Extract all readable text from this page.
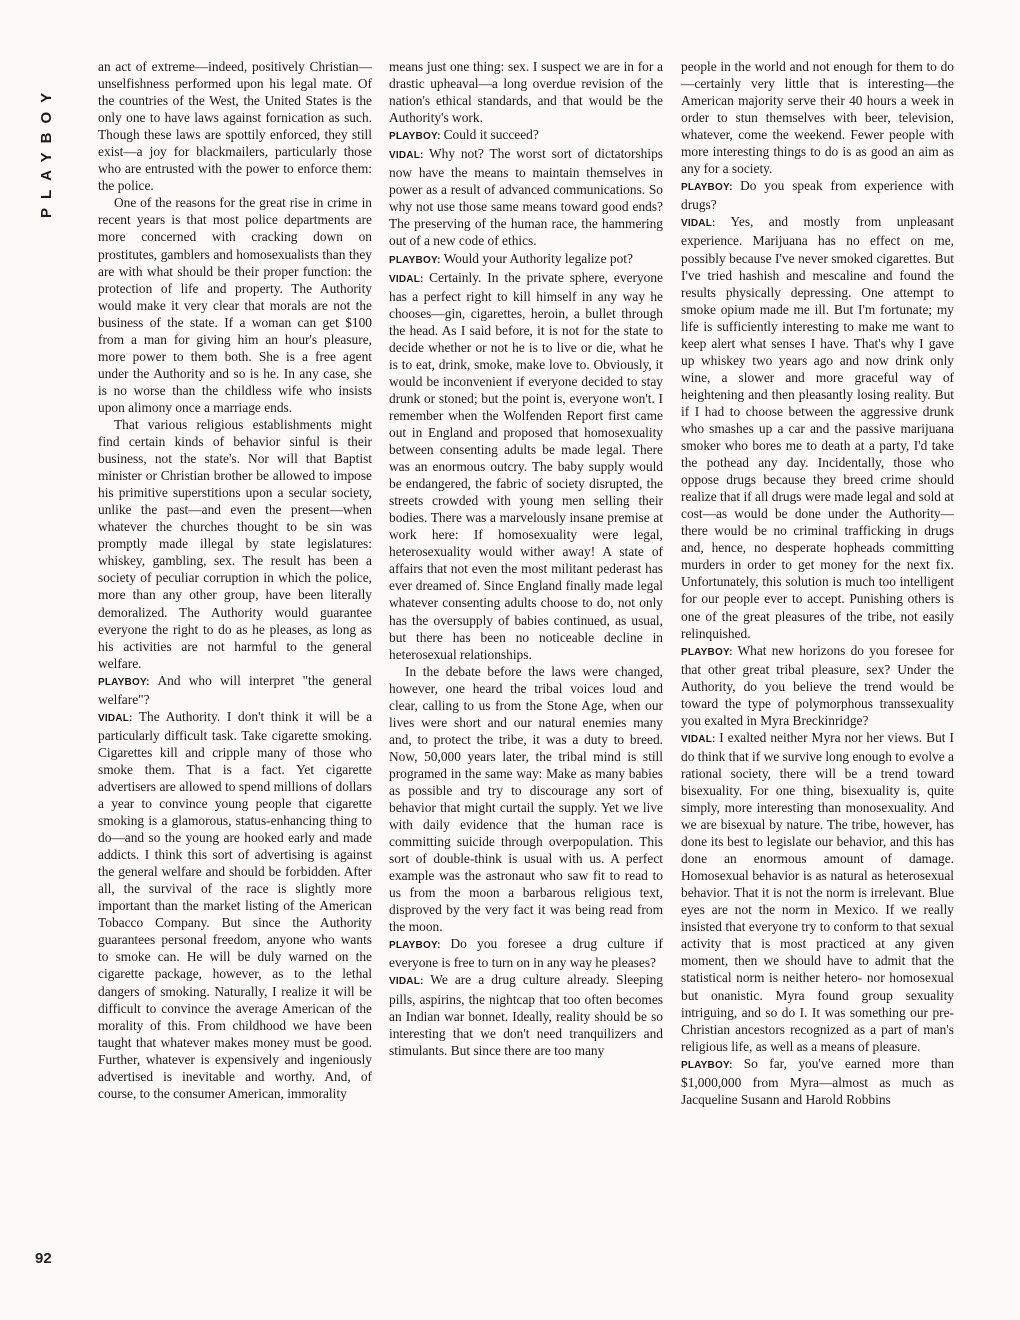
PLAYBOY

an act of extreme—indeed, positively Christian—unselfishness performed upon his legal mate. Of the countries of the West, the United States is the only one to have laws against fornication as such. Though these laws are spottily enforced, they still exist—a joy for blackmailers, particularly those who are entrusted with the power to enforce them: the police.

One of the reasons for the great rise in crime in recent years is that most police departments are more concerned with cracking down on prostitutes, gamblers and homosexualists than they are with what should be their proper function: the protection of life and property. The Authority would make it very clear that morals are not the business of the state. If a woman can get $100 from a man for giving him an hour's pleasure, more power to them both. She is a free agent under the Authority and so is he. In any case, she is no worse than the childless wife who insists upon alimony once a marriage ends.

That various religious establishments might find certain kinds of behavior sinful is their business, not the state's. Nor will that Baptist minister or Christian brother be allowed to impose his primitive superstitions upon a secular society, unlike the past—and even the present—when whatever the churches thought to be sin was promptly made illegal by state legislatures: whiskey, gambling, sex. The result has been a society of peculiar corruption in which the police, more than any other group, have been literally demoralized. The Authority would guarantee everyone the right to do as he pleases, as long as his activities are not harmful to the general welfare.

PLAYBOY: And who will interpret "the general welfare"?

VIDAL: The Authority. I don't think it will be a particularly difficult task. Take cigarette smoking. Cigarettes kill and cripple many of those who smoke them. That is a fact. Yet cigarette advertisers are allowed to spend millions of dollars a year to convince young people that cigarette smoking is a glamorous, status-enhancing thing to do—and so the young are hooked early and made addicts. I think this sort of advertising is against the general welfare and should be forbidden. After all, the survival of the race is slightly more important than the market listing of the American Tobacco Company. But since the Authority guarantees personal freedom, anyone who wants to smoke can. He will be duly warned on the cigarette package, however, as to the lethal dangers of smoking. Naturally, I realize it will be difficult to convince the average American of the morality of this. From childhood we have been taught that whatever makes money must be good. Further, whatever is expensively and ingeniously advertised is inevitable and worthy. And, of course, to the consumer American, immorality

means just one thing: sex. I suspect we are in for a drastic upheaval—a long overdue revision of the nation's ethical standards, and that would be the Authority's work.

PLAYBOY: Could it succeed?

VIDAL: Why not? The worst sort of dictatorships now have the means to maintain themselves in power as a result of advanced communications. So why not use those same means toward good ends? The preserving of the human race, the hammering out of a new code of ethics.

PLAYBOY: Would your Authority legalize pot?

VIDAL: Certainly. In the private sphere, everyone has a perfect right to kill himself in any way he chooses—gin, cigarettes, heroin, a bullet through the head. As I said before, it is not for the state to decide whether or not he is to live or die, what he is to eat, drink, smoke, make love to. Obviously, it would be inconvenient if everyone decided to stay drunk or stoned; but the point is, everyone won't. I remember when the Wolfenden Report first came out in England and proposed that homosexuality between consenting adults be made legal. There was an enormous outcry. The baby supply would be endangered, the fabric of society disrupted, the streets crowded with young men selling their bodies. There was a marvelously insane premise at work here: If homosexuality were legal, heterosexuality would wither away! A state of affairs that not even the most militant pederast has ever dreamed of. Since England finally made legal whatever consenting adults choose to do, not only has the oversupply of babies continued, as usual, but there has been no noticeable decline in heterosexual relationships.

In the debate before the laws were changed, however, one heard the tribal voices loud and clear, calling to us from the Stone Age, when our lives were short and our natural enemies many and, to protect the tribe, it was a duty to breed. Now, 50,000 years later, the tribal mind is still programed in the same way: Make as many babies as possible and try to discourage any sort of behavior that might curtail the supply. Yet we live with daily evidence that the human race is committing suicide through overpopulation. This sort of double-think is usual with us. A perfect example was the astronaut who saw fit to read to us from the moon a barbarous religious text, disproved by the very fact it was being read from the moon.

PLAYBOY: Do you foresee a drug culture if everyone is free to turn on in any way he pleases?

VIDAL: We are a drug culture already. Sleeping pills, aspirins, the nightcap that too often becomes an Indian war bonnet. Ideally, reality should be so interesting that we don't need tranquilizers and stimulants. But since there are too many

people in the world and not enough for them to do—certainly very little that is interesting—the American majority serve their 40 hours a week in order to stun themselves with beer, television, whatever, come the weekend. Fewer people with more interesting things to do is as good an aim as any for a society.

PLAYBOY: Do you speak from experience with drugs?

VIDAL: Yes, and mostly from unpleasant experience. Marijuana has no effect on me, possibly because I've never smoked cigarettes. But I've tried hashish and mescaline and found the results physically depressing. One attempt to smoke opium made me ill. But I'm fortunate; my life is sufficiently interesting to make me want to keep alert what senses I have. That's why I gave up whiskey two years ago and now drink only wine, a slower and more graceful way of heightening and then pleasantly losing reality. But if I had to choose between the aggressive drunk who smashes up a car and the passive marijuana smoker who bores me to death at a party, I'd take the pothead any day. Incidentally, those who oppose drugs because they breed crime should realize that if all drugs were made legal and sold at cost—as would be done under the Authority—there would be no criminal trafficking in drugs and, hence, no desperate hopheads committing murders in order to get money for the next fix. Unfortunately, this solution is much too intelligent for our people ever to accept. Punishing others is one of the great pleasures of the tribe, not easily relinquished.

PLAYBOY: What new horizons do you foresee for that other great tribal pleasure, sex? Under the Authority, do you believe the trend would be toward the type of polymorphous transsexuality you exalted in Myra Breckinridge?

VIDAL: I exalted neither Myra nor her views. But I do think that if we survive long enough to evolve a rational society, there will be a trend toward bisexuality. For one thing, bisexuality is, quite simply, more interesting than monosexuality. And we are bisexual by nature. The tribe, however, has done its best to legislate our behavior, and this has done an enormous amount of damage. Homosexual behavior is as natural as heterosexual behavior. That it is not the norm is irrelevant. Blue eyes are not the norm in Mexico. If we really insisted that everyone try to conform to that sexual activity that is most practiced at any given moment, then we should have to admit that the statistical norm is neither hetero- nor homosexual but onanistic. Myra found group sexuality intriguing, and so do I. It was something our pre-Christian ancestors recognized as a part of man's religious life, as well as a means of pleasure.

PLAYBOY: So far, you've earned more than $1,000,000 from Myra—almost as much as Jacqueline Susann and Harold Robbins

92
